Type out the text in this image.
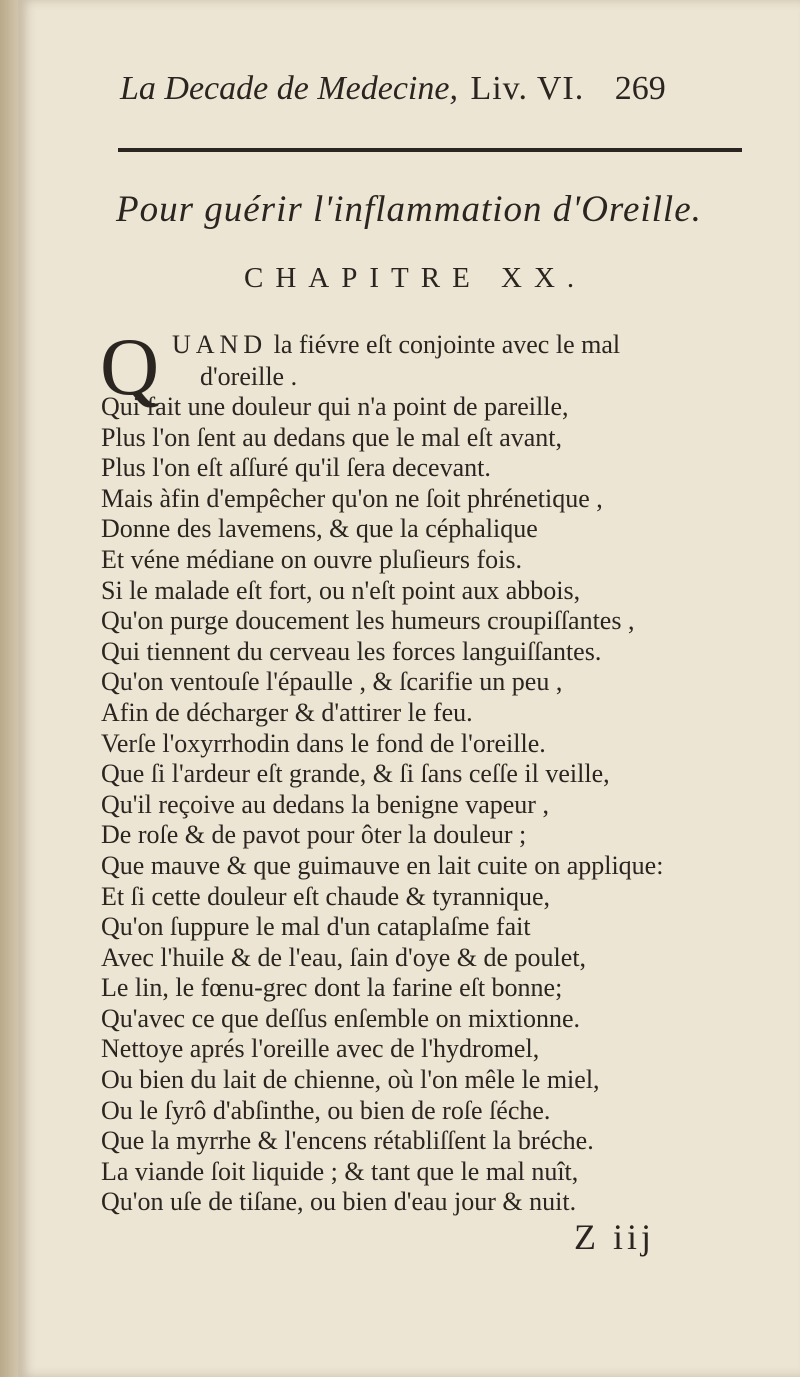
La Decade de Medecine, Liv. VI. 269
Pour guérir l'inflammation d'Oreille.
CHAPITRE XX.
Q UAND la fiévre eſt conjointe avec le mal
d'oreille .
Qui fait une douleur qui n'a point de pareille,
Plus l'on ſent au dedans que le mal eſt avant,
Plus l'on eſt aſſuré qu'il ſera decevant.
Mais àfin d'empêcher qu'on ne ſoit phrénetique ,
Donne des lavemens, & que la céphalique
Et véne médiane on ouvre pluſieurs fois.
Si le malade eſt fort, ou n'eſt point aux abbois,
Qu'on purge doucement les humeurs croupiſſantes ,
Qui tiennent du cerveau les forces languiſſantes.
Qu'on ventouſe l'épaulle , & ſcarifie un peu ,
Afin de décharger & d'attirer le feu.
Verſe l'oxyrrhodin dans le fond de l'oreille.
Que ſi l'ardeur eſt grande, & ſi ſans ceſſe il veille,
Qu'il reçoive au dedans la benigne vapeur ,
De roſe & de pavot pour ôter la douleur ;
Que mauve & que guimauve en lait cuite on applique:
Et ſi cette douleur eſt chaude & tyrannique,
Qu'on ſuppure le mal d'un cataplaſme fait
Avec l'huile & de l'eau, ſain d'oye & de poulet,
Le lin, le fœnu-grec dont la farine eſt bonne;
Qu'avec ce que deſſus enſemble on mixtionne.
Nettoye aprés l'oreille avec de l'hydromel,
Ou bien du lait de chienne, où l'on mêle le miel,
Ou le ſyrô d'abſinthe, ou bien de roſe ſéche.
Que la myrrhe & l'encens rétabliſſent la bréche.
La viande ſoit liquide ; & tant que le mal nuît,
Qu'on uſe de tiſane, ou bien d'eau jour & nuit.
Z iij
